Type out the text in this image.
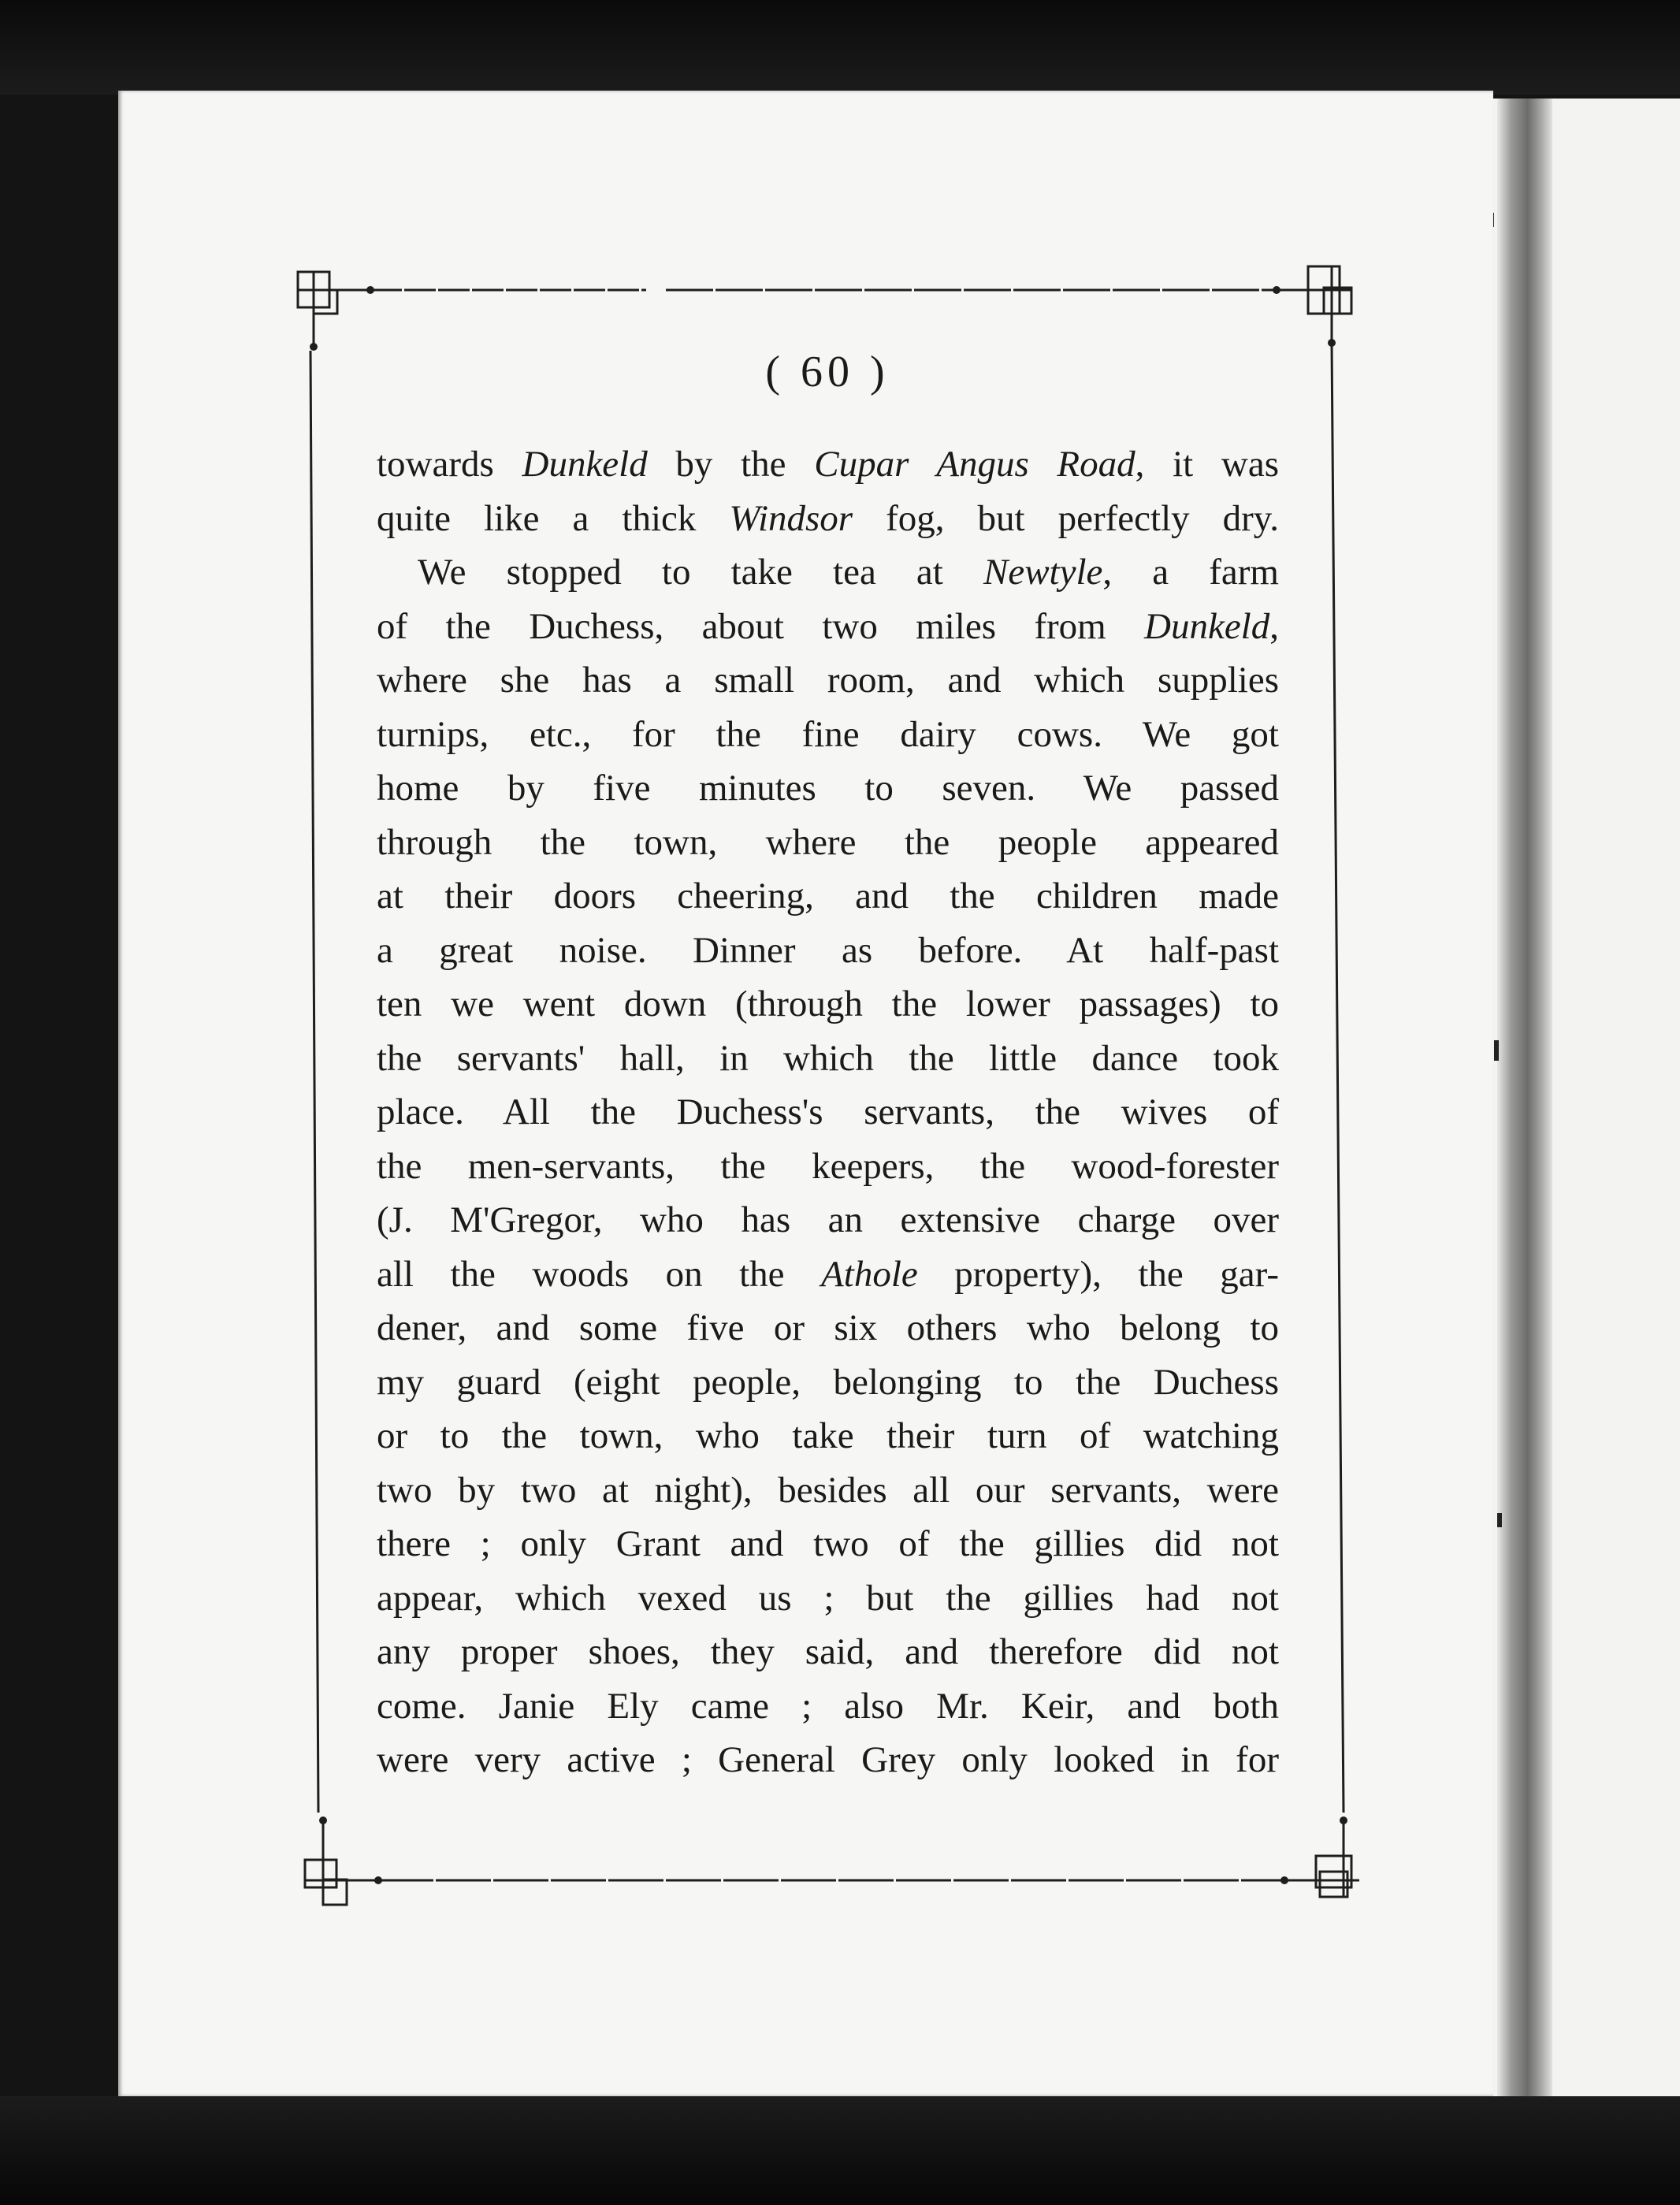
( 60 )
towards Dunkeld by the Cupar Angus Road, it was
quite like a thick Windsor fog, but perfectly dry.
We stopped to take tea at Newtyle, a farm
of the Duchess, about two miles from Dunkeld,
where she has a small room, and which supplies
turnips, etc., for the fine dairy cows. We got
home by five minutes to seven. We passed
through the town, where the people appeared
at their doors cheering, and the children made
a great noise. Dinner as before. At half-past
ten we went down (through the lower passages) to
the servants' hall, in which the little dance took
place. All the Duchess's servants, the wives of
the men-servants, the keepers, the wood-forester
(J. M'Gregor, who has an extensive charge over
all the woods on the Athole property), the gar-
dener, and some five or six others who belong to
my guard (eight people, belonging to the Duchess
or to the town, who take their turn of watching
two by two at night), besides all our servants, were
there ; only Grant and two of the gillies did not
appear, which vexed us ; but the gillies had not
any proper shoes, they said, and therefore did not
come. Janie Ely came ; also Mr. Keir, and both
were very active ; General Grey only looked in for
